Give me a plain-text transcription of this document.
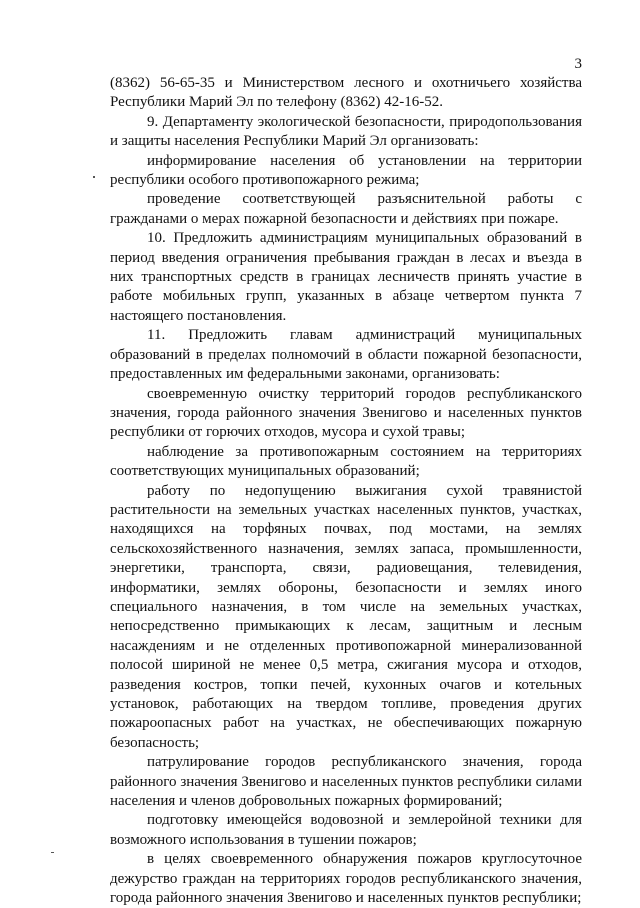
3

(8362) 56-65-35 и Министерством лесного и охотничьего хозяйства Республики Марий Эл по телефону (8362) 42-16-52.

9. Департаменту экологической безопасности, природопользования и защиты населения Республики Марий Эл организовать:

информирование населения об установлении на территории республики особого противопожарного режима;

проведение соответствующей разъяснительной работы с гражданами о мерах пожарной безопасности и действиях при пожаре.

10. Предложить администрациям муниципальных образований в период введения ограничения пребывания граждан в лесах и въезда в них транспортных средств в границах лесничеств принять участие в работе мобильных групп, указанных в абзаце четвертом пункта 7 настоящего постановления.

11. Предложить главам администраций муниципальных образований в пределах полномочий в области пожарной безопасности, предоставленных им федеральными законами, организовать:

своевременную очистку территорий городов республиканского значения, города районного значения Звенигово и населенных пунктов республики от горючих отходов, мусора и сухой травы;

наблюдение за противопожарным состоянием на территориях соответствующих муниципальных образований;

работу по недопущению выжигания сухой травянистой растительности на земельных участках населенных пунктов, участках, находящихся на торфяных почвах, под мостами, на землях сельскохозяйственного назначения, землях запаса, промышленности, энергетики, транспорта, связи, радиовещания, телевидения, информатики, землях обороны, безопасности и землях иного специального назначения, в том числе на земельных участках, непосредственно примыкающих к лесам, защитным и лесным насаждениям и не отделенных противопожарной минерализованной полосой шириной не менее 0,5 метра, сжигания мусора и отходов, разведения костров, топки печей, кухонных очагов и котельных установок, работающих на твердом топливе, проведения других пожароопасных работ на участках, не обеспечивающих пожарную безопасность;

патрулирование городов республиканского значения, города районного значения Звенигово и населенных пунктов республики силами населения и членов добровольных пожарных формирований;

подготовку имеющейся водовозной и землеройной техники для возможного использования в тушении пожаров;

в целях своевременного обнаружения пожаров круглосуточное дежурство граждан на территориях городов республиканского значения, города районного значения Звенигово и населенных пунктов республики;
